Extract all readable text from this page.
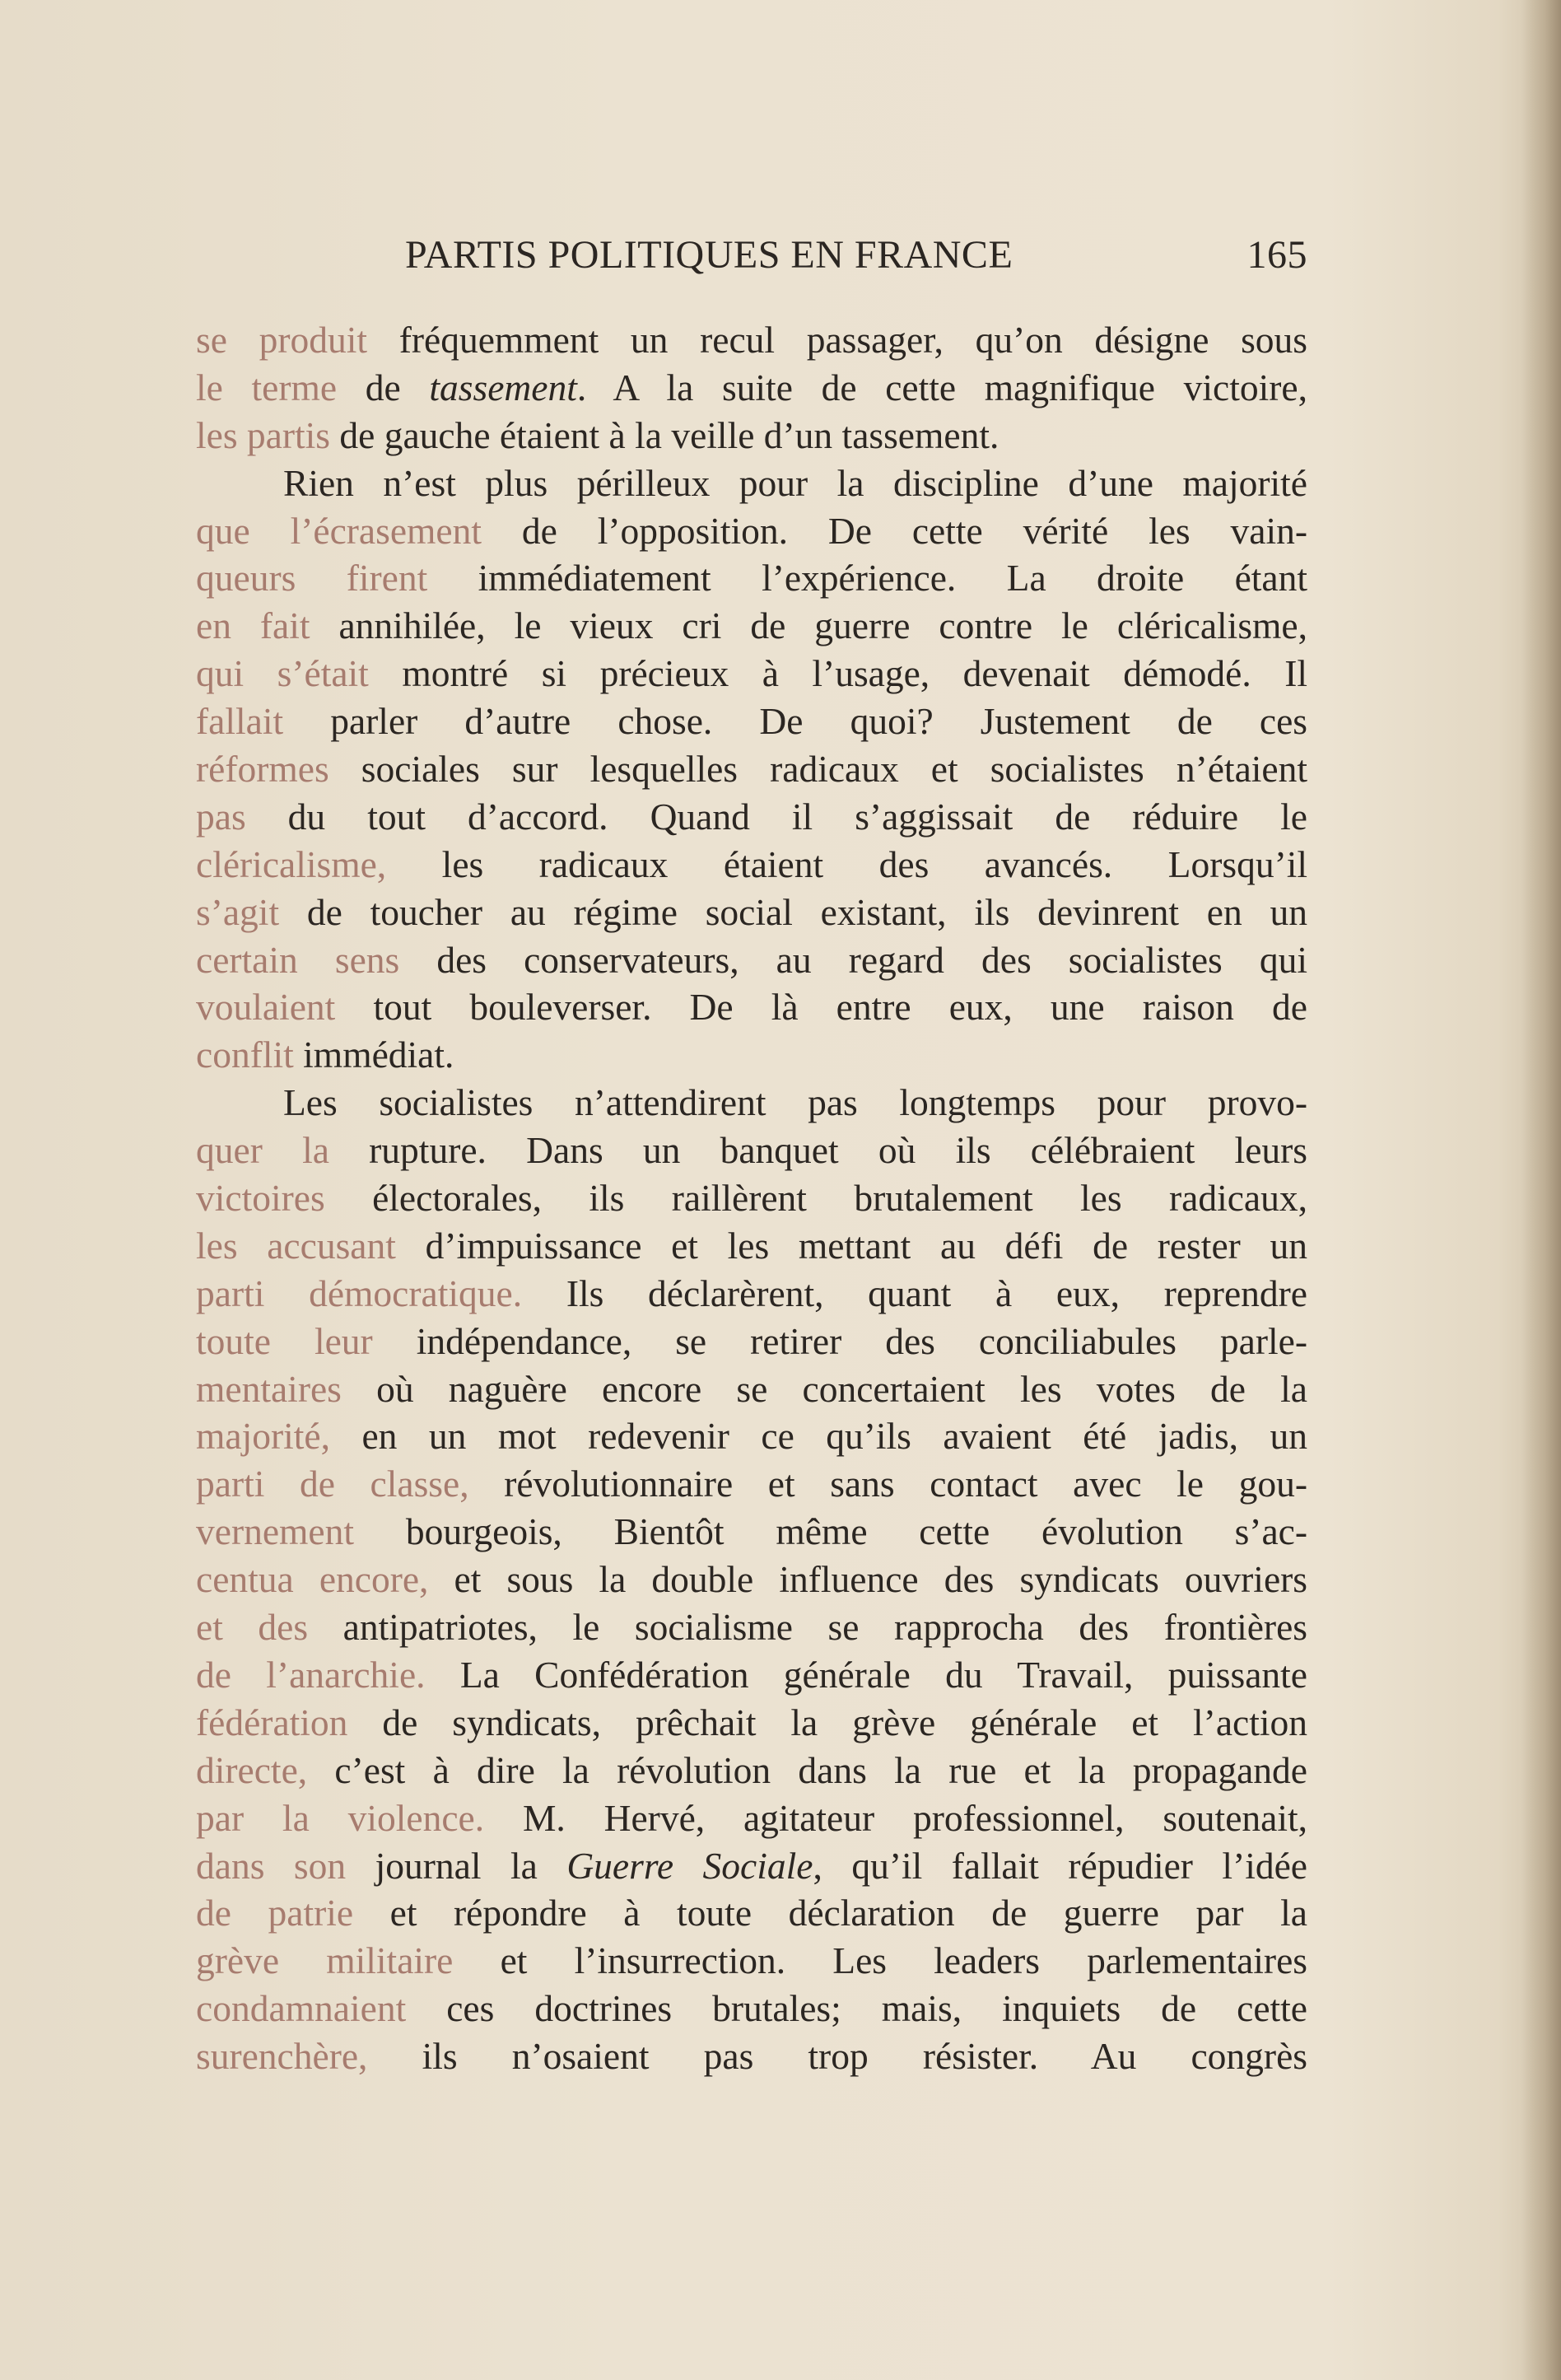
PARTIS POLITIQUES EN FRANCE	165
se produit fréquemment un recul passager, qu’on désigne sous
le terme de tassement. A la suite de cette magnifique victoire,
les partis de gauche étaient à la veille d’un tassement.
Rien n’est plus périlleux pour la discipline d’une majorité
que l’écrasement de l’opposition. De cette vérité les vain-
queurs firent immédiatement l’expérience. La droite étant
en fait annihilée, le vieux cri de guerre contre le cléricalisme,
qui s’était montré si précieux à l’usage, devenait démodé. Il
fallait parler d’autre chose. De quoi? Justement de ces
réformes sociales sur lesquelles radicaux et socialistes n’étaient
pas du tout d’accord. Quand il s’aggissait de réduire le
cléricalisme, les radicaux étaient des avancés. Lorsqu’il
s’agit de toucher au régime social existant, ils devinrent en un
certain sens des conservateurs, au regard des socialistes qui
voulaient tout bouleverser. De là entre eux, une raison de
conflit immédiat.
Les socialistes n’attendirent pas longtemps pour provo-
quer la rupture. Dans un banquet où ils célébraient leurs
victoires électorales, ils raillèrent brutalement les radicaux,
les accusant d’impuissance et les mettant au défi de rester un
parti démocratique. Ils déclarèrent, quant à eux, reprendre
toute leur indépendance, se retirer des conciliabules parle-
mentaires où naguère encore se concertaient les votes de la
majorité, en un mot redevenir ce qu’ils avaient été jadis, un
parti de classe, révolutionnaire et sans contact avec le gou-
vernement bourgeois, Bientôt même cette évolution s’ac-
centua encore, et sous la double influence des syndicats ouvriers
et des antipatriotes, le socialisme se rapprocha des frontières
de l’anarchie. La Confédération générale du Travail, puissante
fédération de syndicats, prêchait la grève générale et l’action
directe, c’est à dire la révolution dans la rue et la propagande
par la violence. M. Hervé, agitateur professionnel, soutenait,
dans son journal la Guerre Sociale, qu’il fallait répudier l’idée
de patrie et répondre à toute déclaration de guerre par la
grève militaire et l’insurrection. Les leaders parlementaires
condamnaient ces doctrines brutales; mais, inquiets de cette
surenchère, ils n’osaient pas trop résister. Au congrès
